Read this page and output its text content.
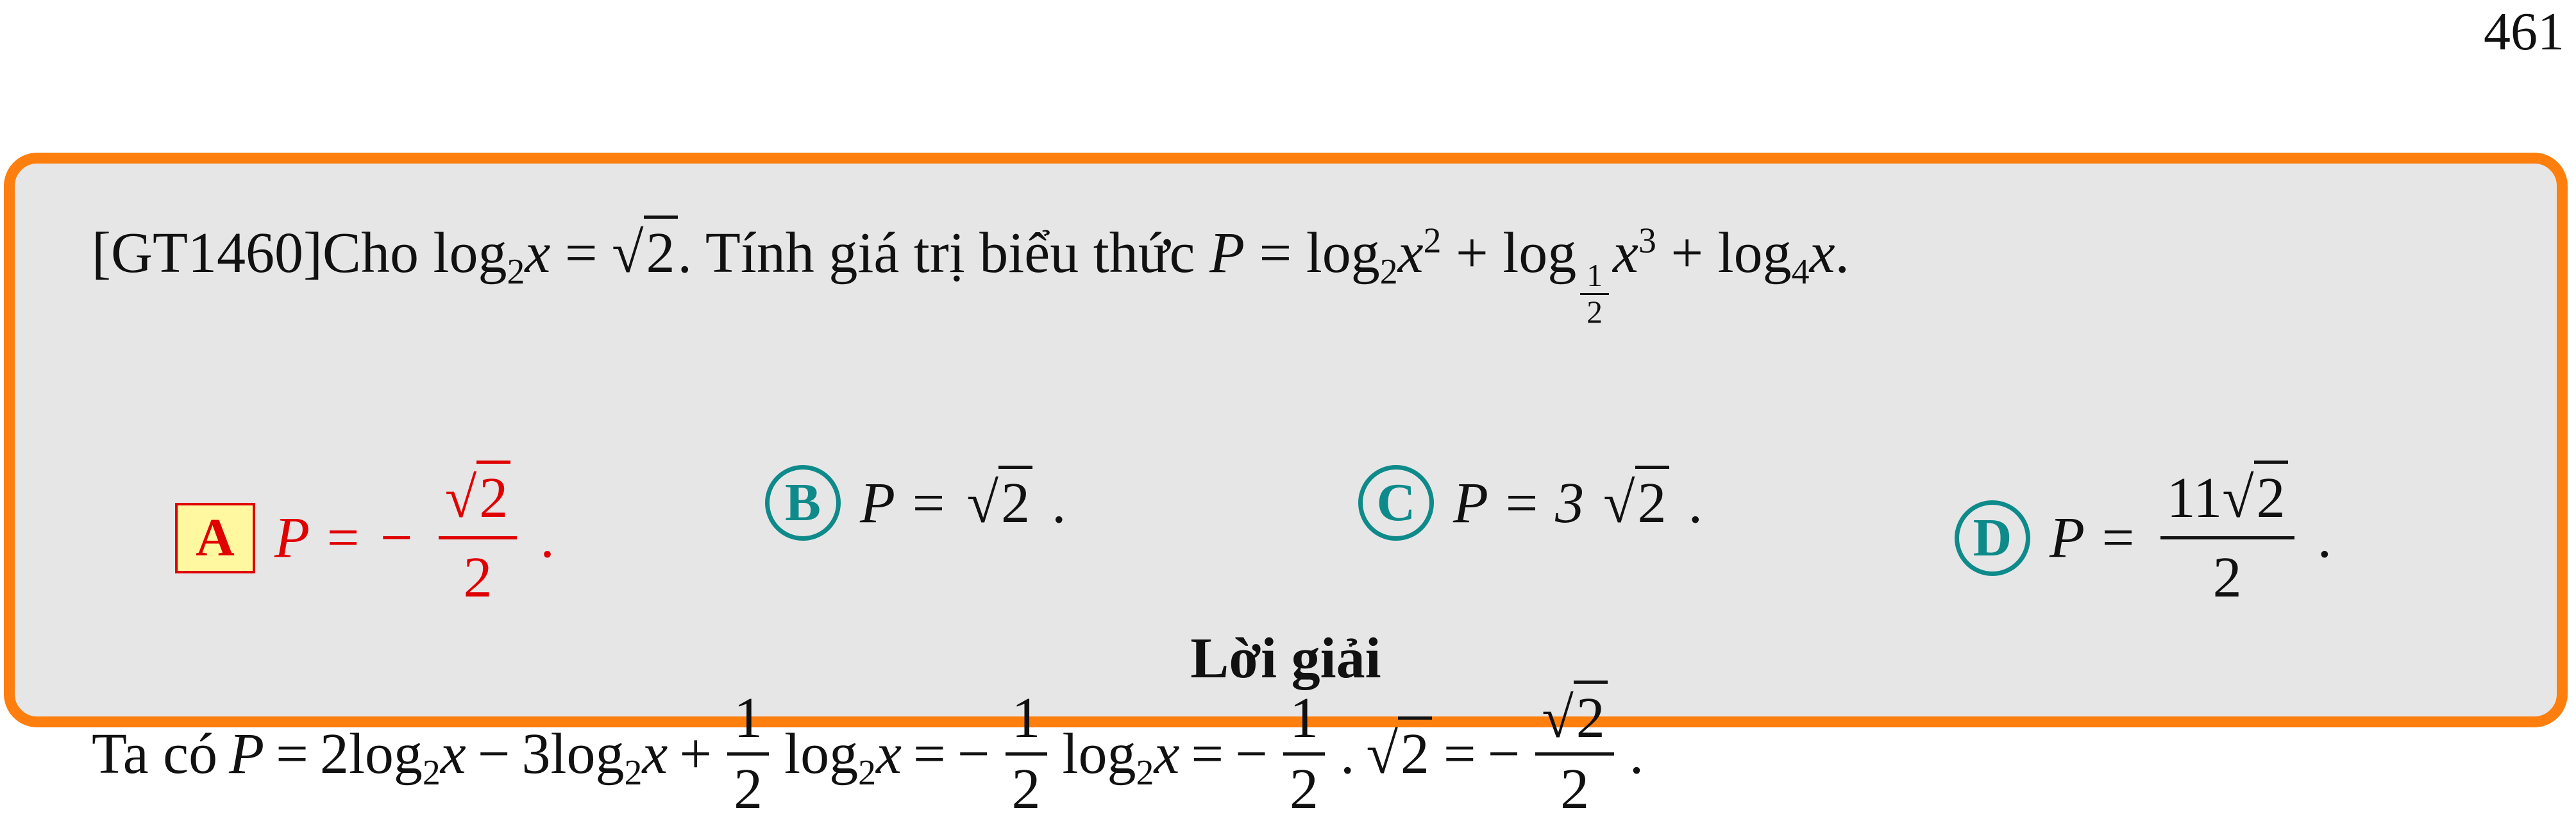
461
[GT1460]Cho $\log_2x = √2$. Tính giá trị biểu thức $P = \log_2x^2 + \log$
$\frac{1}{2}$
$x^3 + \log_4x$.
A P = − $\frac{√2}{2}$ .
B P = √2 .	C P = 3 √2 .
D $P = \frac{11√2}{2}$ .
Lời giải
Ta có $P = 2\log_2x - 3\log_2x + \frac{1}{2} \log_2x$ = − $\frac{1}{2} \log_2x$ = − $\frac{1}{2}$ . √2 = − $\frac{√2}{2}$ .
